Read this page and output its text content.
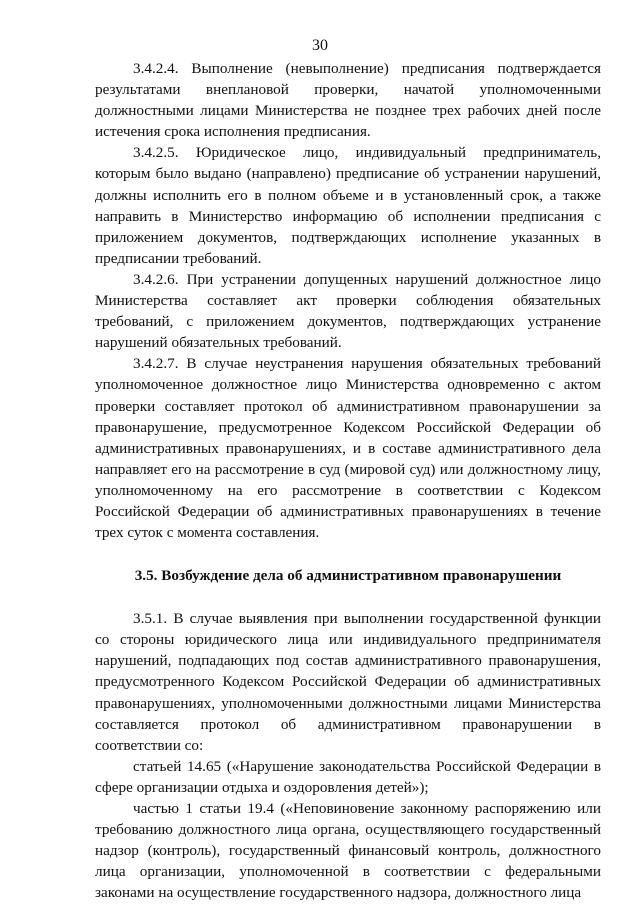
30

3.4.2.4. Выполнение (невыполнение) предписания подтверждается результатами внеплановой проверки, начатой уполномоченными должностными лицами Министерства не позднее трех рабочих дней после истечения срока исполнения предписания.

3.4.2.5. Юридическое лицо, индивидуальный предприниматель, которым было выдано (направлено) предписание об устранении нарушений, должны исполнить его в полном объеме и в установленный срок, а также направить в Министерство информацию об исполнении предписания с приложением документов, подтверждающих исполнение указанных в предписании требований.

3.4.2.6. При устранении допущенных нарушений должностное лицо Министерства составляет акт проверки соблюдения обязательных требований, с приложением документов, подтверждающих устранение нарушений обязательных требований.

3.4.2.7. В случае неустранения нарушения обязательных требований уполномоченное должностное лицо Министерства одновременно с актом проверки составляет протокол об административном правонарушении за правонарушение, предусмотренное Кодексом Российской Федерации об административных правонарушениях, и в составе административного дела направляет его на рассмотрение в суд (мировой суд) или должностному лицу, уполномоченному на его рассмотрение в соответствии с Кодексом Российской Федерации об административных правонарушениях в течение трех суток с момента составления.

3.5. Возбуждение дела об административном правонарушении

3.5.1. В случае выявления при выполнении государственной функции со стороны юридического лица или индивидуального предпринимателя нарушений, подпадающих под состав административного правонарушения, предусмотренного Кодексом Российской Федерации об административных правонарушениях, уполномоченными должностными лицами Министерства составляется протокол об административном правонарушении в соответствии со:

статьей 14.65 («Нарушение законодательства Российской Федерации в сфере организации отдыха и оздоровления детей»);

частью 1 статьи 19.4 («Неповиновение законному распоряжению или требованию должностного лица органа, осуществляющего государственный надзор (контроль), государственный финансовый контроль, должностного лица организации, уполномоченной в соответствии с федеральными законами на осуществление государственного надзора, должностного лица
